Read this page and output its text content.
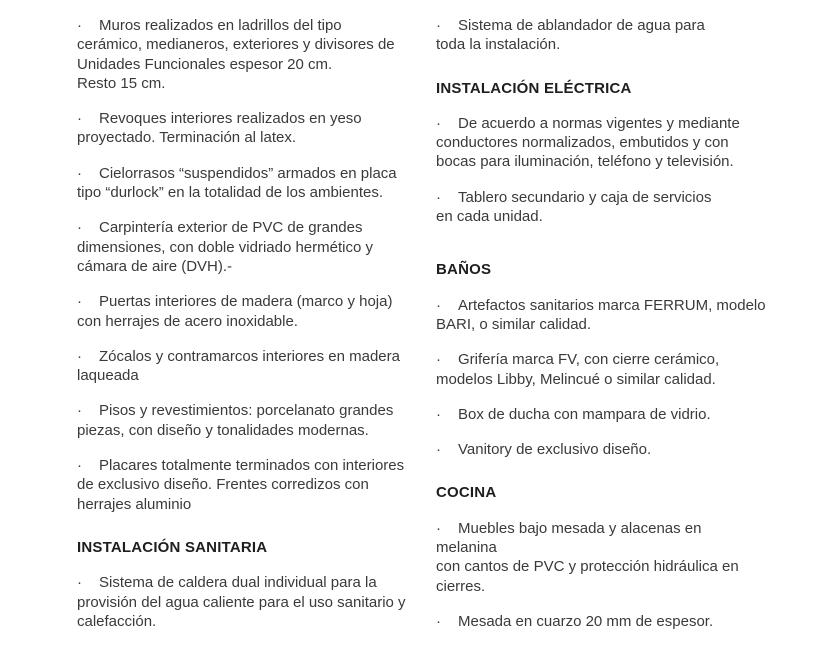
· Muros realizados en ladrillos del tipo
cerámico, medianeros, exteriores y divisores de
Unidades Funcionales espesor 20 cm.
Resto 15 cm.
· Revoques interiores realizados en yeso
proyectado. Terminación al latex.
· Cielorrasos “suspendidos” armados en placa
tipo “durlock” en la totalidad de los ambientes.
· Carpintería exterior de PVC de grandes
dimensiones, con doble vidriado hermético y
cámara de aire (DVH).-
· Puertas interiores de madera (marco y hoja)
con herrajes de acero inoxidable.
· Zócalos y contramarcos interiores en madera
laqueada
· Pisos y revestimientos: porcelanato grandes
piezas, con diseño y tonalidades modernas.
· Placares totalmente terminados con interiores
de exclusivo diseño. Frentes corredizos con
herrajes aluminio
INSTALACIÓN SANITARIA
· Sistema de caldera dual individual para la
provisión del agua caliente para el uso sanitario y
calefacción.
· Sistema de ablandador de agua para
toda la instalación.
INSTALACIÓN ELÉCTRICA
· De acuerdo a normas vigentes y mediante
conductores normalizados, embutidos y con
bocas para iluminación, teléfono y televisión.
· Tablero secundario y caja de servicios
en cada unidad.
BAÑOS
· Artefactos sanitarios marca FERRUM, modelo
BARI, o similar calidad.
· Grifería marca FV, con cierre cerámico,
modelos Libby, Melincué o similar calidad.
· Box de ducha con mampara de vidrio.
· Vanitory de exclusivo diseño.
COCINA
· Muebles bajo mesada y alacenas en melanina
con cantos de PVC y protección hidráulica en
cierres.
· Mesada en cuarzo 20 mm de espesor.
